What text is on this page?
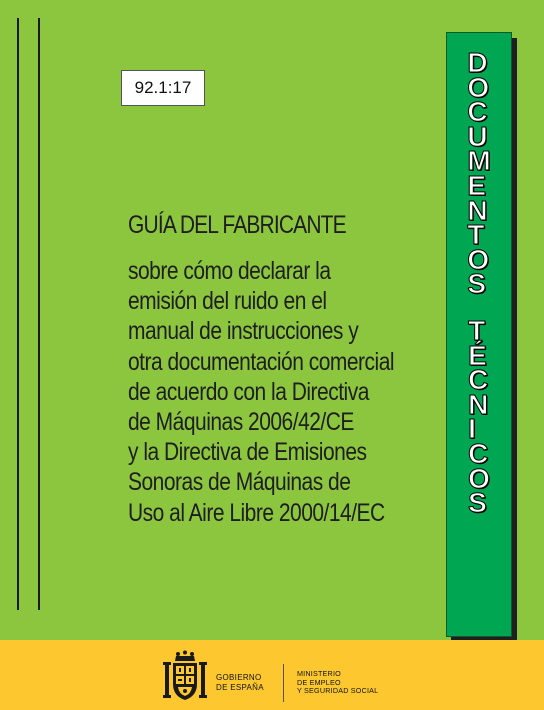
92.1:17
GUÍA DEL FABRICANTE
sobre cómo declarar la
emisión del ruido en el
manual de instrucciones y
otra documentación comercial
de acuerdo con la Directiva
de Máquinas 2006/42/CE
y la Directiva de Emisiones
Sonoras de Máquinas de
Uso al Aire Libre 2000/14/EC
D
O
C
U
M
E
N
T
O
S
T
É
C
N
I
C
O
S
GOBIERNO
DE ESPAÑA
MINISTERIO
DE EMPLEO
Y SEGURIDAD SOCIAL
